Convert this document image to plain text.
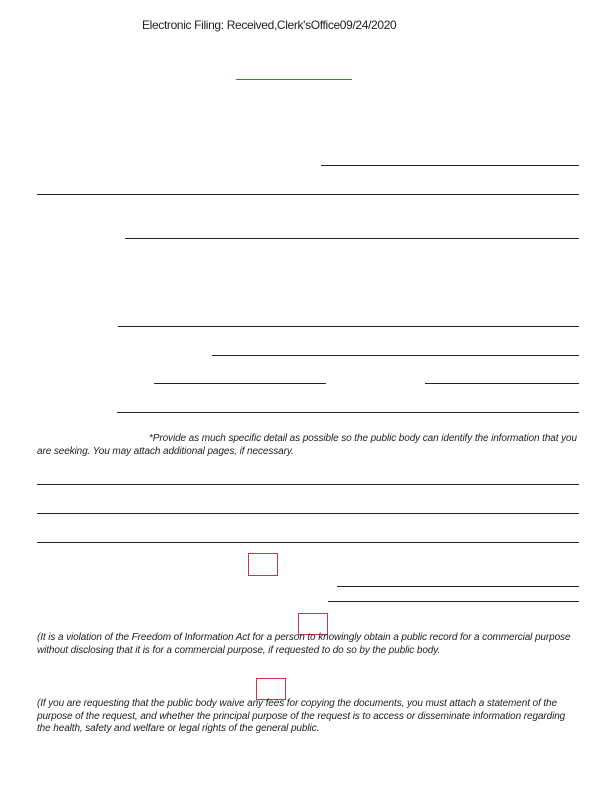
Electronic Filing: Received,Clerk'sOffice09/24/2020
*Provide as much specific detail as possible so the public body can identify the information that you are seeking. You may attach additional pages, if necessary.
(It is a violation of the Freedom of Information Act for a person to knowingly obtain a public record for a commercial purpose without disclosing that it is for a commercial purpose, if requested to do so by the public body.
(If you are requesting that the public body waive any fees for copying the documents, you must attach a statement of the purpose of the request, and whether the principal purpose of the request is to access or disseminate information regarding the health, safety and welfare or legal rights of the general public.
